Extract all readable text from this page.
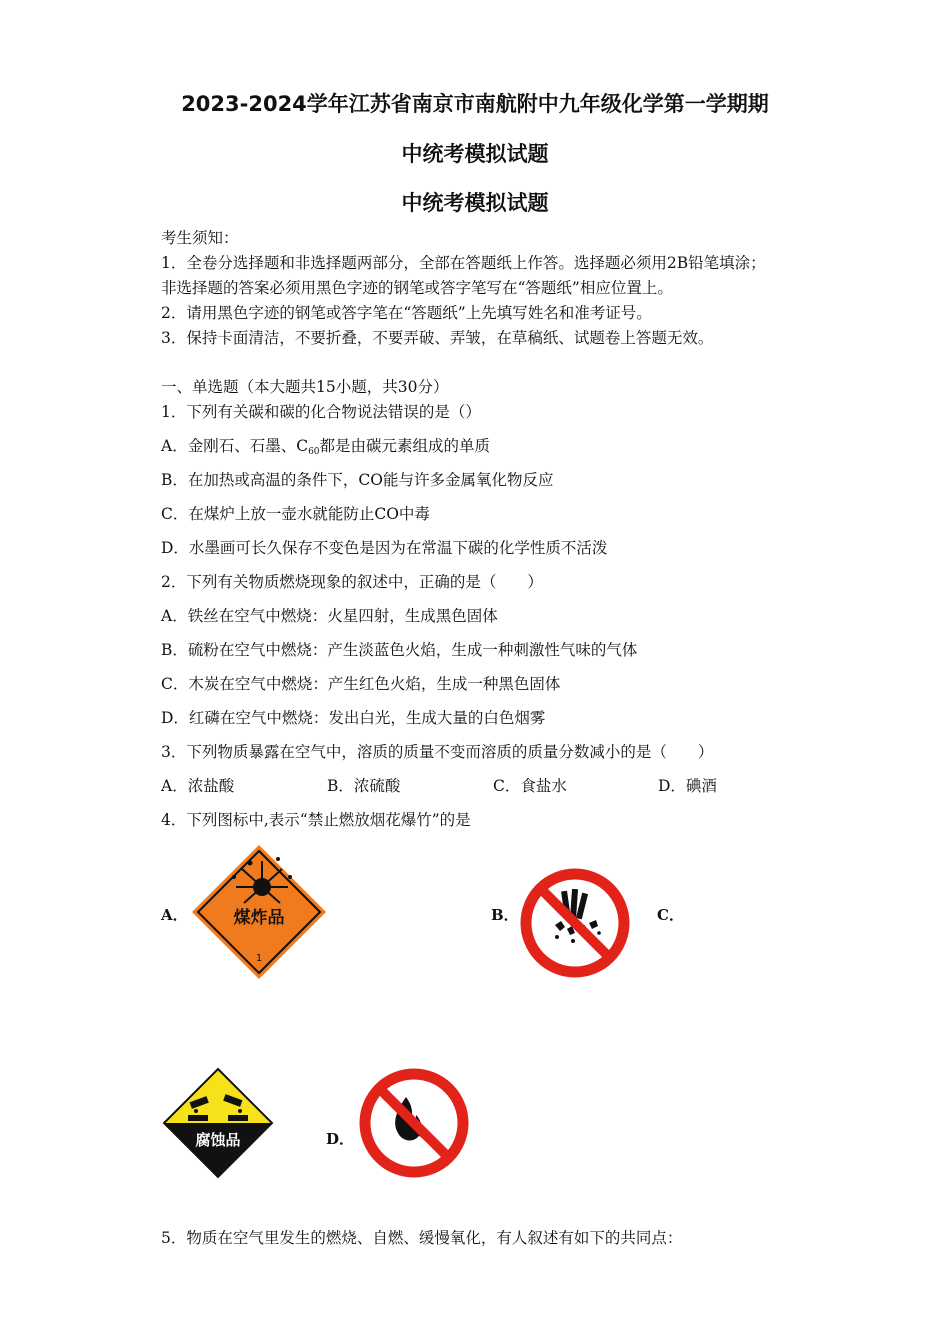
2023-2024学年江苏省南京市南航附中九年级化学第一学期期
中统考模拟试题
中统考模拟试题
考生须知：
1．全卷分选择题和非选择题两部分，全部在答题纸上作答。选择题必须用2B铅笔填涂；
非选择题的答案必须用黑色字迹的钢笔或答字笔写在“答题纸”相应位置上。
2．请用黑色字迹的钢笔或答字笔在“答题纸”上先填写姓名和准考证号。
3．保持卡面清洁，不要折叠，不要弄破、弄皱，在草稿纸、试题卷上答题无效。
一、单选题（本大题共15小题，共30分）
1．下列有关碳和碳的化合物说法错误的是（）
A．金刚石、石墨、$C_{60}$都是由碳元素组成的单质
B．在加热或高温的条件下，CO能与许多金属氧化物反应
C．在煤炉上放一壶水就能防止CO中毒
D．水墨画可长久保存不变色是因为在常温下碳的化学性质不活泼
2．下列有关物质燃烧现象的叙述中，正确的是（　　）
A．铁丝在空气中燃烧：火星四射，生成黑色固体
B．硫粉在空气中燃烧：产生淡蓝色火焰，生成一种刺激性气味的气体
C．木炭在空气中燃烧：产生红色火焰，生成一种黑色固体
D．红磷在空气中燃烧：发出白光，生成大量的白色烟雾
3．下列物质暴露在空气中，溶质的质量不变而溶质的质量分数减小的是（　　）
A．浓盐酸	B．浓硫酸	C．食盐水	D．碘酒
4．下列图标中,表示“禁止燃放烟花爆竹”的是
A．	煤炸品
1
B．	C．
腐蚀品	D．
5．物质在空气里发生的燃烧、自燃、缓慢氧化，有人叙述有如下的共同点：
